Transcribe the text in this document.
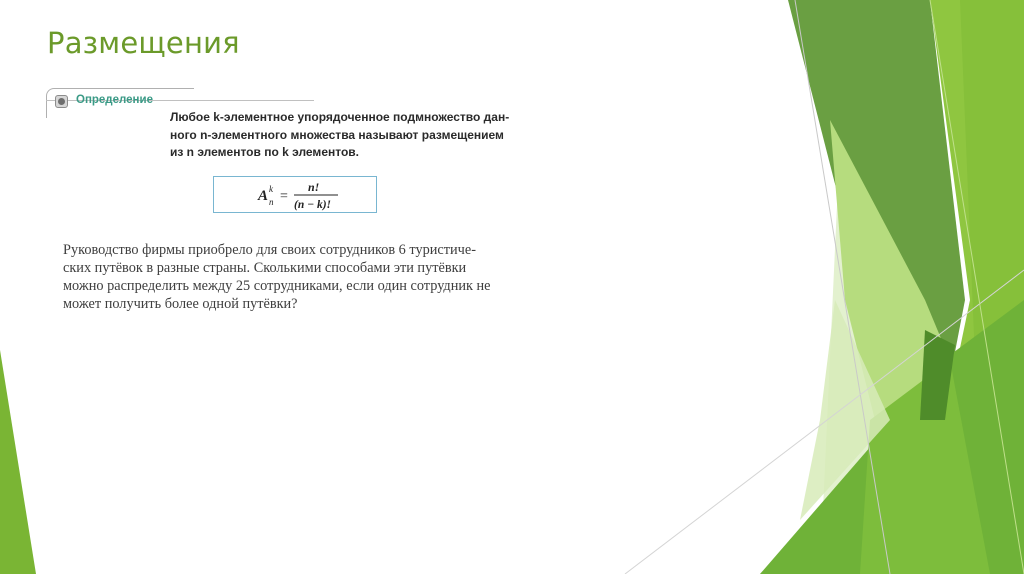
Размещения
Определение

Любое k-элементное упорядоченное подмножество дан-
ного n-элементного множества называют размещением
из n элементов по k элементов.

A k
n =
n!
(n − k)!

Руководство фирмы приобрело для своих сотрудников 6 туристиче-
ских путёвок в разные страны. Сколькими способами эти путёвки
можно распределить между 25 сотрудниками, если один сотрудник не
может получить более одной путёвки?
